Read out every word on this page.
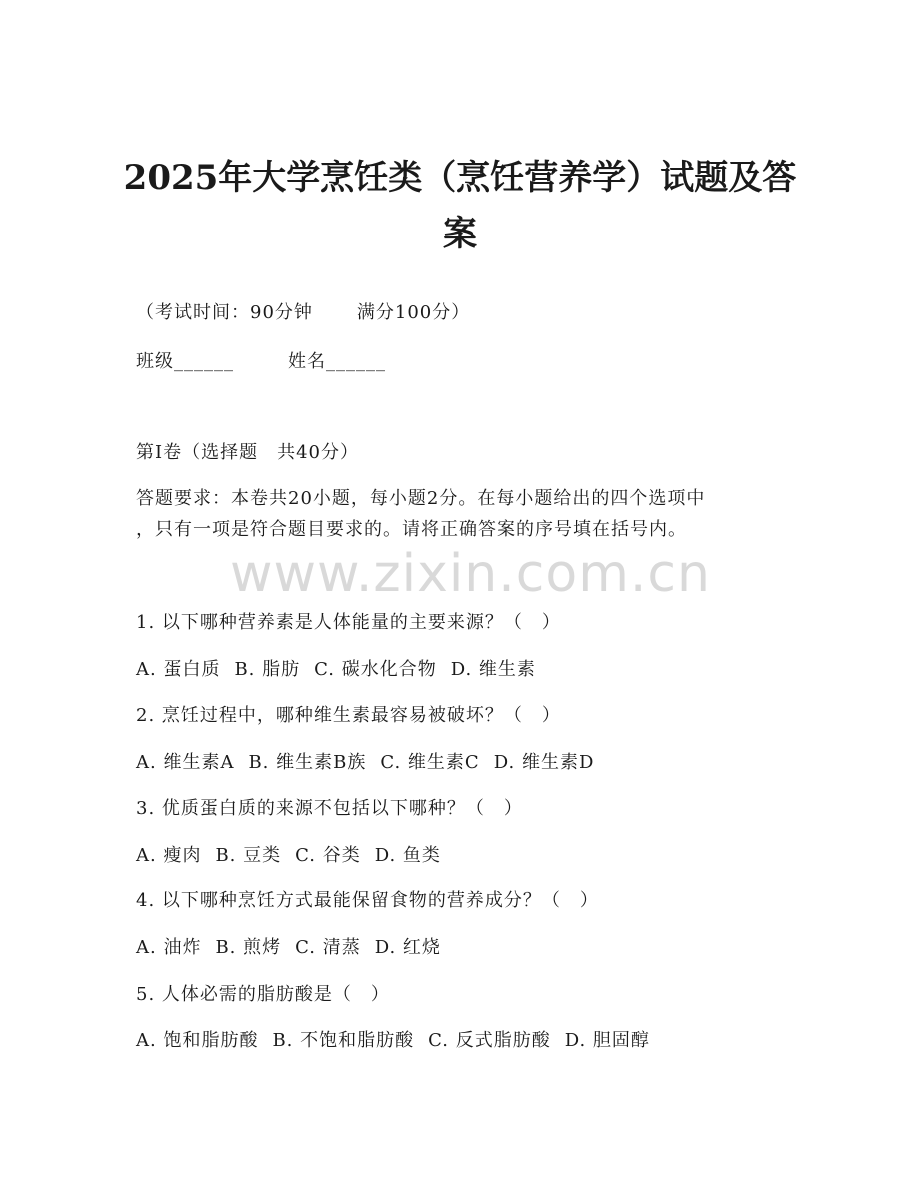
2025年大学烹饪类（烹饪营养学）试题及答
案
（考试时间：90分钟 满分100分）
班级______	姓名______
第I卷（选择题　共40分）
答题要求：本卷共20小题，每小题2分。在每小题给出的四个选项中
，只有一项是符合题目要求的。请将正确答案的序号填在括号内。
www.zixin.com.cn
1. 以下哪种营养素是人体能量的主要来源？（　）
A. 蛋白质 B. 脂肪 C. 碳水化合物 D. 维生素
2. 烹饪过程中，哪种维生素最容易被破坏？（　）
A. 维生素A B. 维生素B族 C. 维生素C D. 维生素D
3. 优质蛋白质的来源不包括以下哪种？（　）
A. 瘦肉 B. 豆类 C. 谷类 D. 鱼类
4. 以下哪种烹饪方式最能保留食物的营养成分？（　）
A. 油炸 B. 煎烤 C. 清蒸 D. 红烧
5. 人体必需的脂肪酸是（　）
A. 饱和脂肪酸 B. 不饱和脂肪酸 C. 反式脂肪酸 D. 胆固醇
